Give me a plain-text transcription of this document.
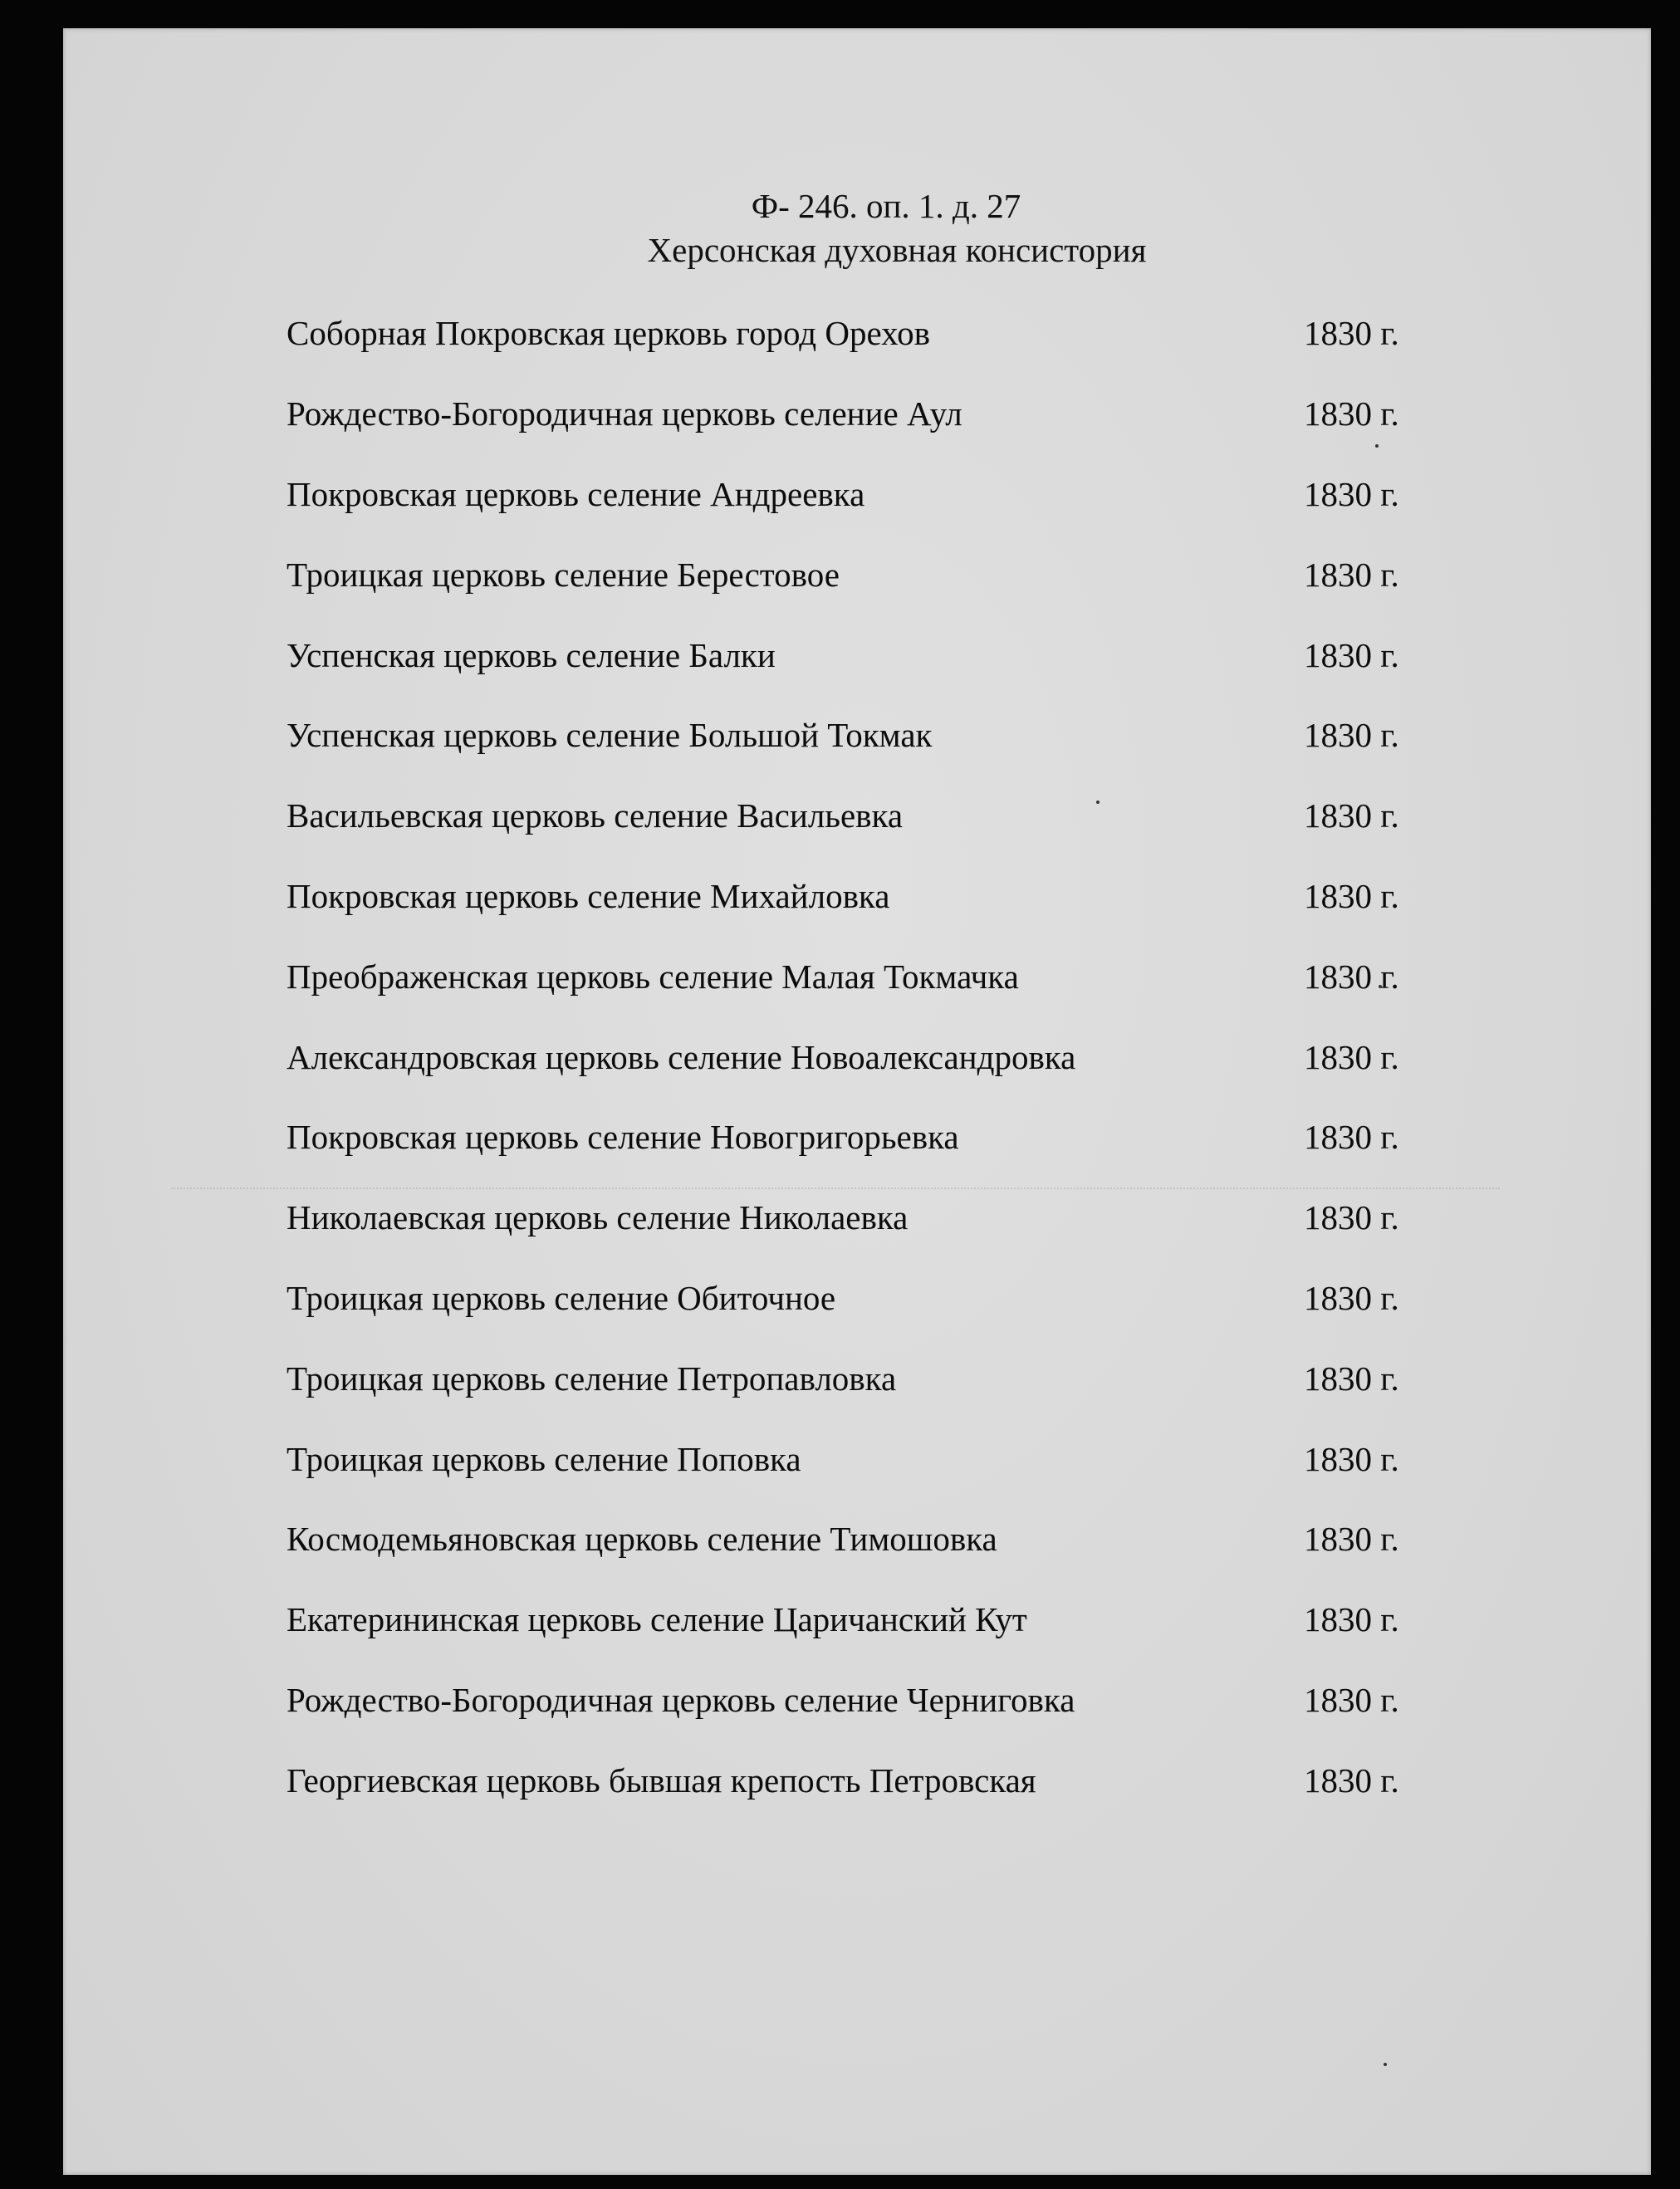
Ф- 246. оп. 1. д. 27
Херсонская духовная консистория
Соборная Покровская церковь город Орехов	1830 г.
Рождество-Богородичная церковь селение Аул	1830 г.
Покровская церковь селение Андреевка	1830 г.
Троицкая церковь селение Берестовое	1830 г.
Успенская церковь селение Балки	1830 г.
Успенская церковь селение Большой Токмак	1830 г.
Васильевская церковь селение Васильевка	1830 г.
Покровская церковь селение Михайловка	1830 г.
Преображенская церковь селение Малая Токмачка	1830 г.
Александровская церковь селение Новоалександровка	1830 г.
Покровская церковь селение Новогригорьевка	1830 г.
Николаевская церковь селение Николаевка	1830 г.
Троицкая церковь селение Обиточное	1830 г.
Троицкая церковь селение Петропавловка	1830 г.
Троицкая церковь селение Поповка	1830 г.
Космодемьяновская церковь селение Тимошовка	1830 г.
Екатерининская церковь селение Царичанский Кут	1830 г.
Рождество-Богородичная церковь селение Черниговка	1830 г.
Георгиевская церковь бывшая крепость Петровская	1830 г.
